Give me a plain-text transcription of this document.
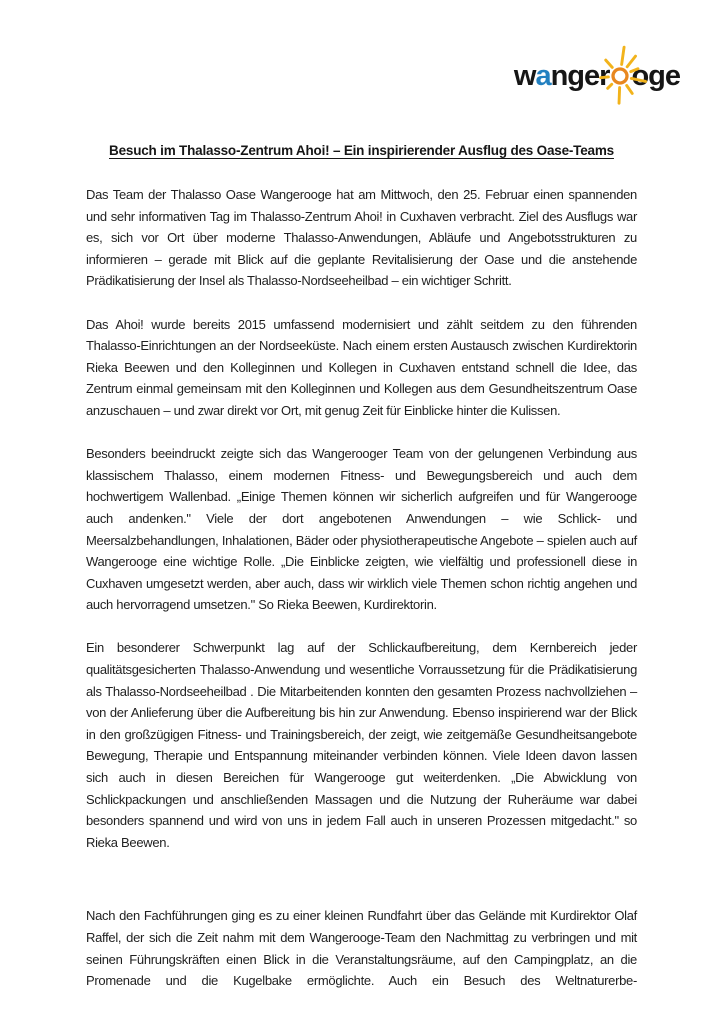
wanger oge
Besuch im Thalasso-Zentrum Ahoi! – Ein inspirierender Ausflug des Oase-Teams

Das Team der Thalasso Oase Wangerooge hat am Mittwoch, den 25. Februar einen spannenden und sehr informativen Tag im Thalasso-Zentrum Ahoi! in Cuxhaven verbracht. Ziel des Ausflugs war es, sich vor Ort über moderne Thalasso-Anwendungen, Abläufe und Angebotsstrukturen zu informieren – gerade mit Blick auf die geplante Revitalisierung der Oase und die anstehende Prädikatisierung der Insel als Thalasso-Nordseeheilbad – ein wichtiger Schritt.

Das Ahoi! wurde bereits 2015 umfassend modernisiert und zählt seitdem zu den führenden Thalasso-Einrichtungen an der Nordseeküste. Nach einem ersten Austausch zwischen Kurdirektorin Rieka Beewen und den Kolleginnen und Kollegen in Cuxhaven entstand schnell die Idee, das Zentrum einmal gemeinsam mit den Kolleginnen und Kollegen aus dem Gesundheitszentrum Oase anzuschauen – und zwar direkt vor Ort, mit genug Zeit für Einblicke hinter die Kulissen.

Besonders beeindruckt zeigte sich das Wangerooger Team von der gelungenen Verbindung aus klassischem Thalasso, einem modernen Fitness- und Bewegungsbereich und auch dem hochwertigem Wallenbad. „Einige Themen können wir sicherlich aufgreifen und für Wangerooge auch andenken." Viele der dort angebotenen Anwendungen – wie Schlick- und Meersalzbehandlungen, Inhalationen, Bäder oder physiotherapeutische Angebote – spielen auch auf Wangerooge eine wichtige Rolle. „Die Einblicke zeigten, wie vielfältig und professionell diese in Cuxhaven umgesetzt werden, aber auch, dass wir wirklich viele Themen schon richtig angehen und auch hervorragend umsetzen." So Rieka Beewen, Kurdirektorin.

Ein besonderer Schwerpunkt lag auf der Schlickaufbereitung, dem Kernbereich jeder qualitätsgesicherten Thalasso-Anwendung und wesentliche Vorraussetzung für die Prädikatisierung als Thalasso-Nordseeheilbad . Die Mitarbeitenden konnten den gesamten Prozess nachvollziehen – von der Anlieferung über die Aufbereitung bis hin zur Anwendung. Ebenso inspirierend war der Blick in den großzügigen Fitness- und Trainingsbereich, der zeigt, wie zeitgemäße Gesundheitsangebote Bewegung, Therapie und Entspannung miteinander verbinden können. Viele Ideen davon lassen sich auch in diesen Bereichen für Wangerooge gut weiterdenken. „Die Abwicklung von Schlickpackungen und anschließenden Massagen und die Nutzung der Ruheräume war dabei besonders spannend und wird von uns in jedem Fall auch in unseren Prozessen mitgedacht." so Rieka Beewen.

Nach den Fachführungen ging es zu einer kleinen Rundfahrt über das Gelände mit Kurdirektor Olaf Raffel, der sich die Zeit nahm mit dem Wangerooge-Team den Nachmittag zu verbringen und mit seinen Führungskräften einen Blick in die Veranstaltungsräume, auf den Campingplatz, an die Promenade und die Kugelbake ermöglichte. Auch ein Besuch des Weltnaturerbe-
